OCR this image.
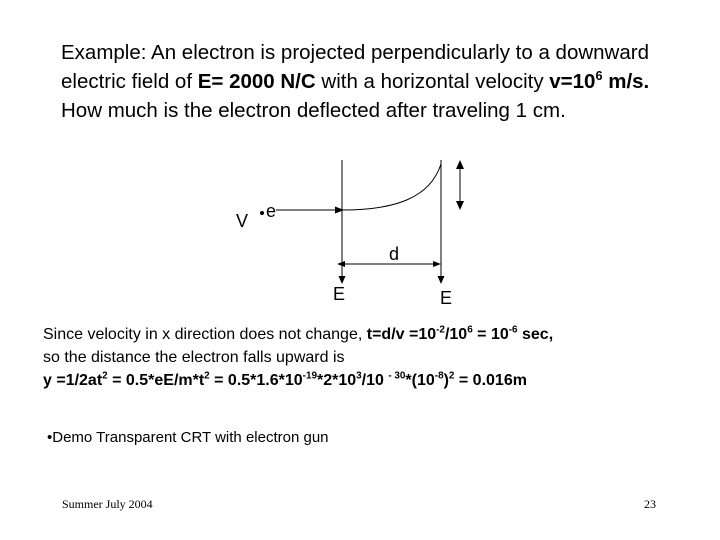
Example: An electron is projected perpendicularly to a downward electric field of E= 2000 N/C with a horizontal velocity $v=10^6$ m/s. How much is the electron deflected after traveling 1 cm.

V e
d
E	E
Since velocity in x direction does not change, $t=d/v =10^{-2}/10^6 = 10^{-6}$ sec,
so the distance the electron falls upward is
$y =1/2at^2 = 0.5*eE/m*t^2 = 0.5*1.6*10^{-19}*2*10^3/10$ $^{- 30}*(10^{-8})^2 = 0.016m$

•Demo Transparent CRT with electron gun

Summer July 2004	23
